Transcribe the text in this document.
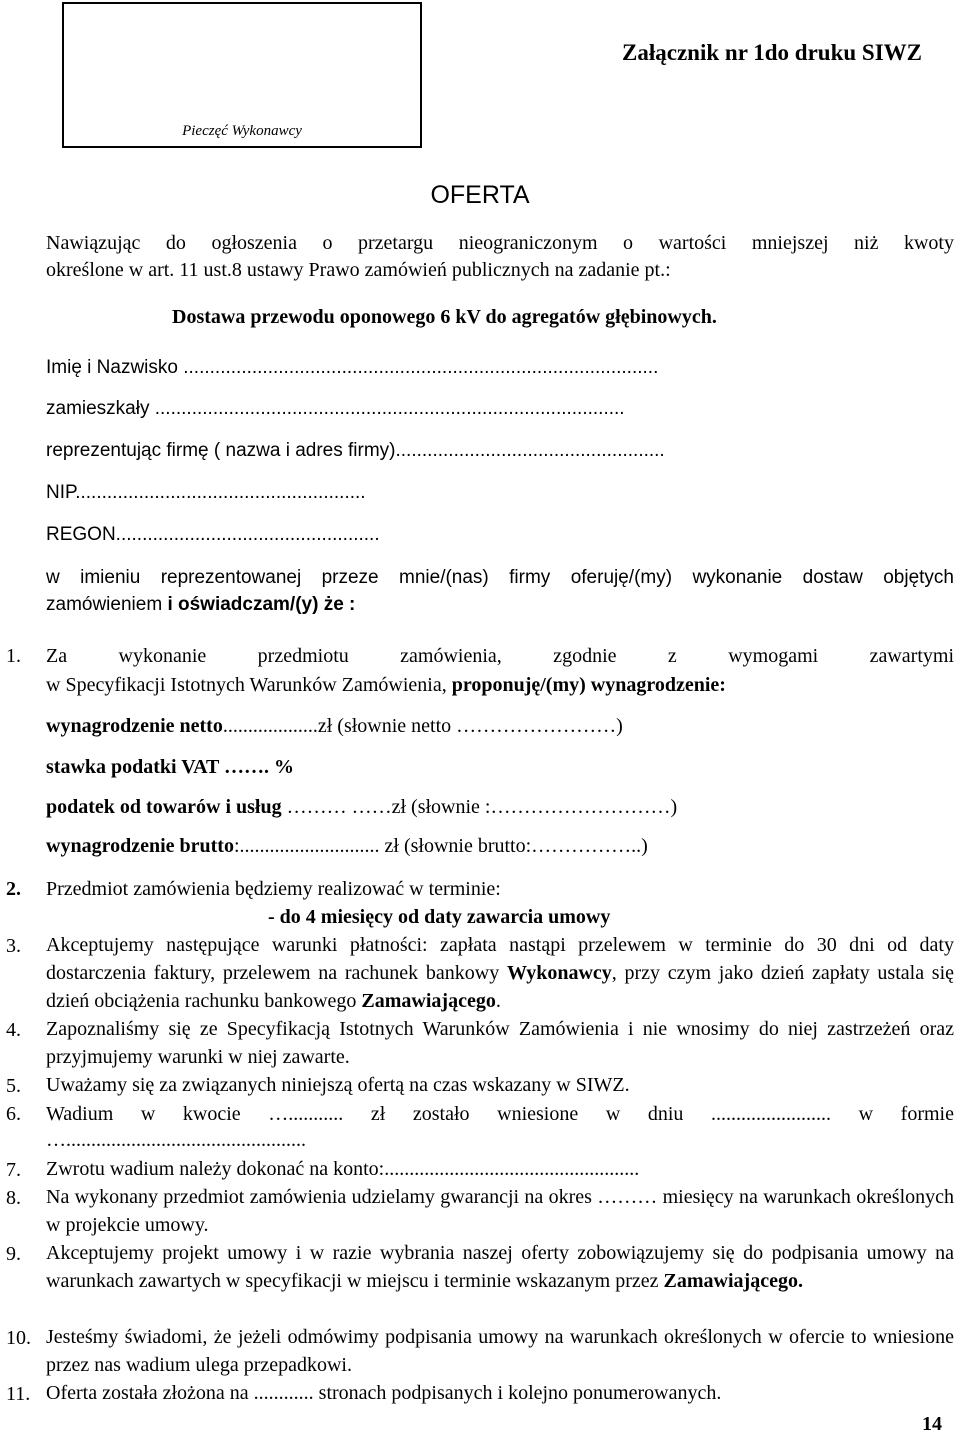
Pieczęć Wykonawcy
Załącznik nr 1do druku SIWZ
OFERTA
Nawiązując do ogłoszenia o przetargu nieograniczonym o wartości mniejszej niż kwoty
określone w art. 11 ust.8 ustawy Prawo zamówień publicznych na zadanie pt.:
Dostawa przewodu oponowego 6 kV do agregatów głębinowych.
Imię i Nazwisko ..........................................................................................
zamieszkały .........................................................................................
reprezentując firmę ( nazwa i adres firmy)...................................................
NIP.......................................................
REGON..................................................
w imieniu reprezentowanej przeze mnie/(nas) firmy oferuję/(my) wykonanie dostaw objętych
zamówieniem i oświadczam/(y) że :
1. Za wykonanie przedmiotu zamówienia, zgodnie z wymogami zawartymi
w Specyfikacji Istotnych Warunków Zamówienia, proponuję/(my) wynagrodzenie:
wynagrodzenie netto...................zł (słownie netto ……………………)
stawka podatki VAT ……. %
podatek od towarów i usług ……… ……zł (słownie :………………………)
wynagrodzenie brutto:............................ zł (słownie brutto:……………..)
2. Przedmiot zamówienia będziemy realizować w terminie:
- do 4 miesięcy od daty zawarcia umowy
3. Akceptujemy następujące warunki płatności: zapłata nastąpi przelewem w terminie do 30 dni od daty dostarczenia faktury, przelewem na rachunek bankowy Wykonawcy, przy czym jako dzień zapłaty ustala się dzień obciążenia rachunku bankowego Zamawiającego.
4. Zapoznaliśmy się ze Specyfikacją Istotnych Warunków Zamówienia i nie wnosimy do niej zastrzeżeń oraz przyjmujemy warunki w niej zawarte.
5. Uważamy się za związanych niniejszą ofertą na czas wskazany w SIWZ.
6. Wadium w kwocie …........... zł zostało wniesione w dniu ........................ w formie
…................................................
7. Zwrotu wadium należy dokonać na konto:...................................................
8. Na wykonany przedmiot zamówienia udzielamy gwarancji na okres ……… miesięcy na warunkach określonych w projekcie umowy.
9. Akceptujemy projekt umowy i w razie wybrania naszej oferty zobowiązujemy się do podpisania umowy na warunkach zawartych w specyfikacji w miejscu i terminie wskazanym przez Zamawiającego.
10. Jesteśmy świadomi, że jeżeli odmówimy podpisania umowy na warunkach określonych w ofercie to wniesione przez nas wadium ulega przepadkowi.
11. Oferta została złożona na ............ stronach podpisanych i kolejno ponumerowanych.
14
